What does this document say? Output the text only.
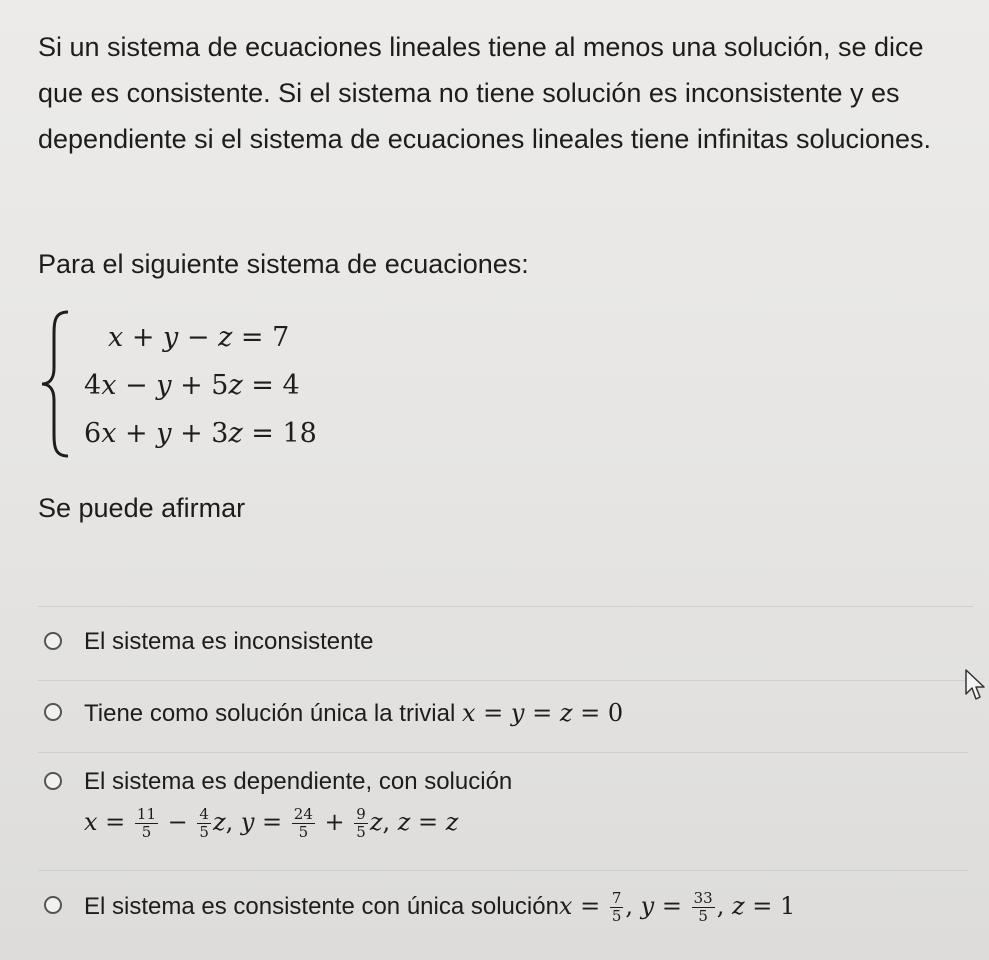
Si un sistema de ecuaciones lineales tiene al menos una solución, se dice que es consistente. Si el sistema no tiene solución es inconsistente y es dependiente si el sistema de ecuaciones lineales tiene infinitas soluciones.

Para el siguiente sistema de ecuaciones:

x + y − z = 7
4x − y + 5z = 4
6x + y + 3z = 18

Se puede afirmar

El sistema es inconsistente
Tiene como solución única la trivial x = y = z = 0
El sistema es dependiente, con solución
$x = \frac{11}{5} - \frac{4}{5} z$, $y = \frac{24}{5} + \frac{9}{5} z$, z = z
El sistema es consistente con única soluciónx = $\frac{7}{5}$ , $y = \frac{33}{5}$ , z = 1
